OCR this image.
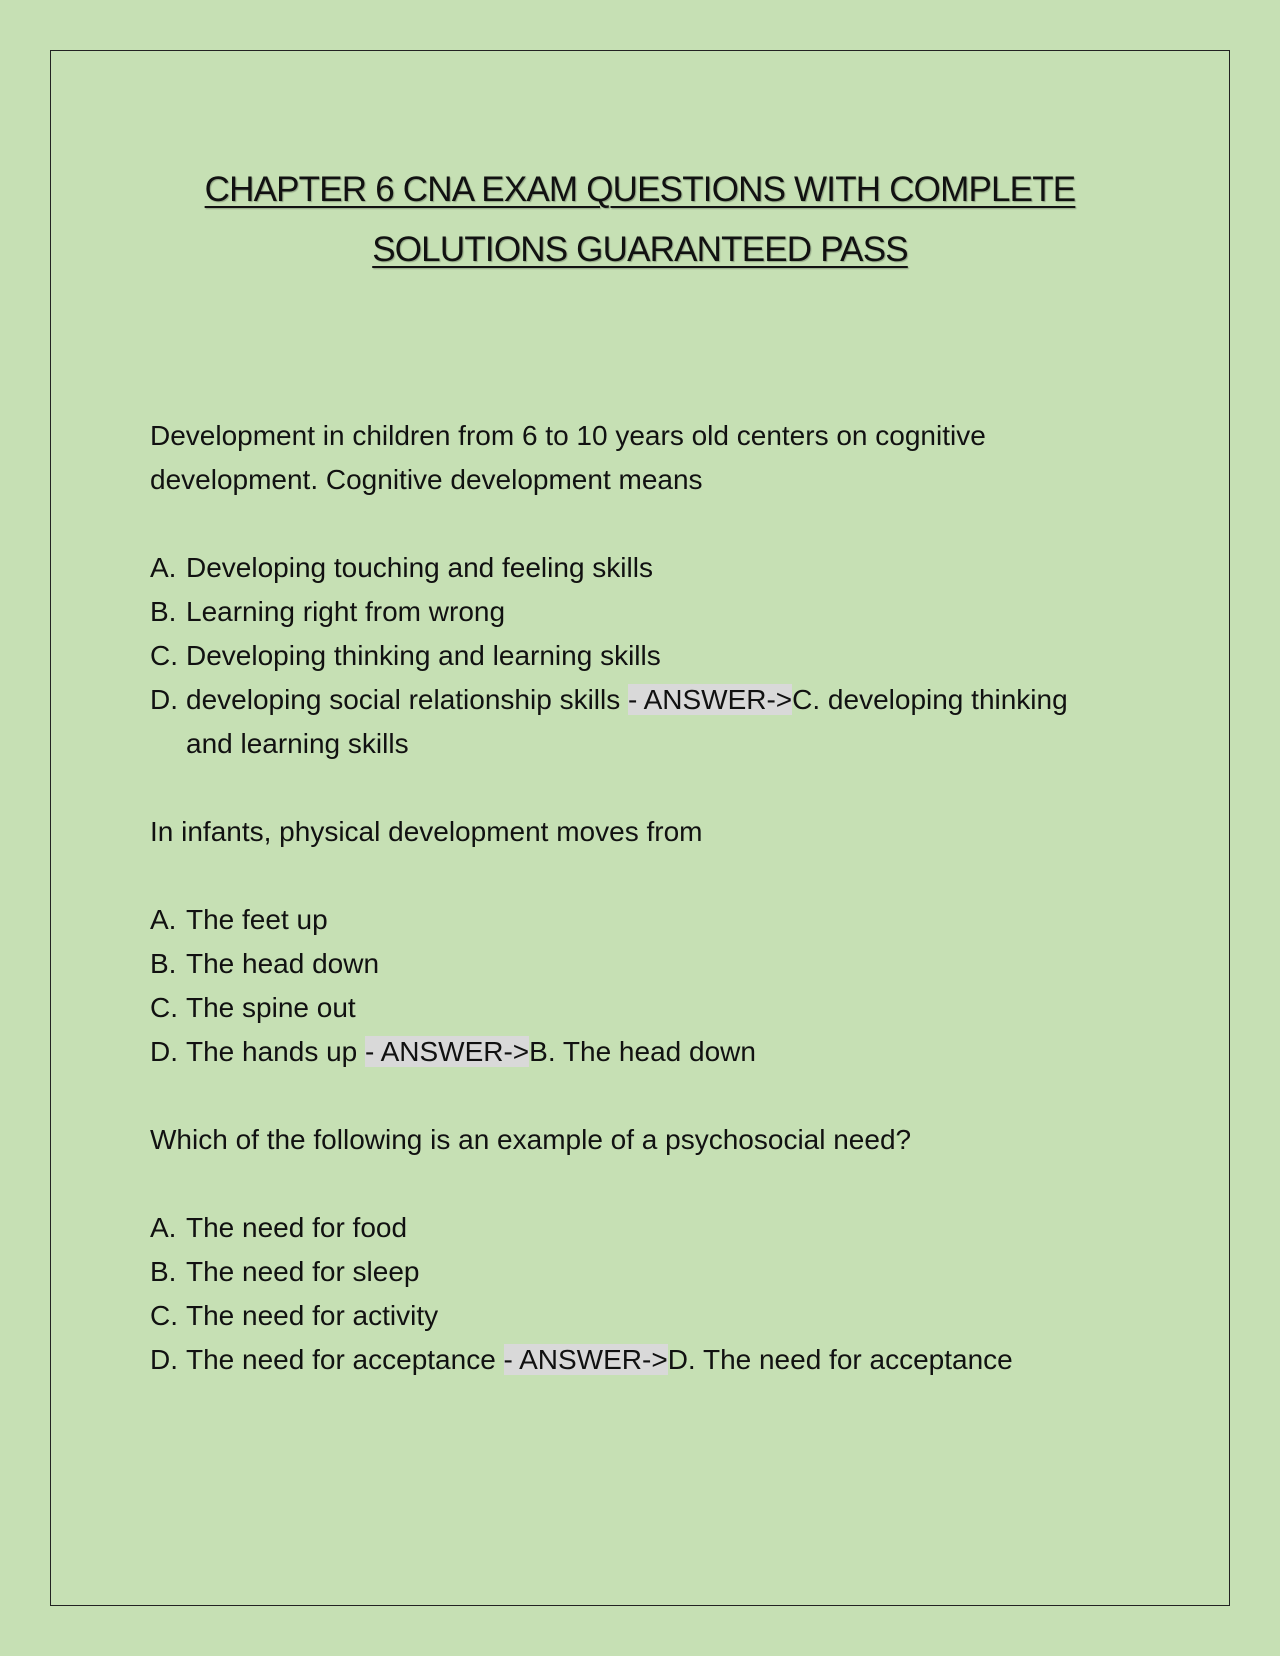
CHAPTER 6 CNA EXAM QUESTIONS WITH COMPLETE
SOLUTIONS GUARANTEED PASS

Development in children from 6 to 10 years old centers on cognitive development. Cognitive development means

A. Developing touching and feeling skills
B. Learning right from wrong
C. Developing thinking and learning skills
D. developing social relationship skills - ANSWER->C. developing thinking and learning skills

In infants, physical development moves from

A. The feet up
B. The head down
C. The spine out
D. The hands up - ANSWER->B. The head down

Which of the following is an example of a psychosocial need?

A. The need for food
B. The need for sleep
C. The need for activity
D. The need for acceptance - ANSWER->D. The need for acceptance
